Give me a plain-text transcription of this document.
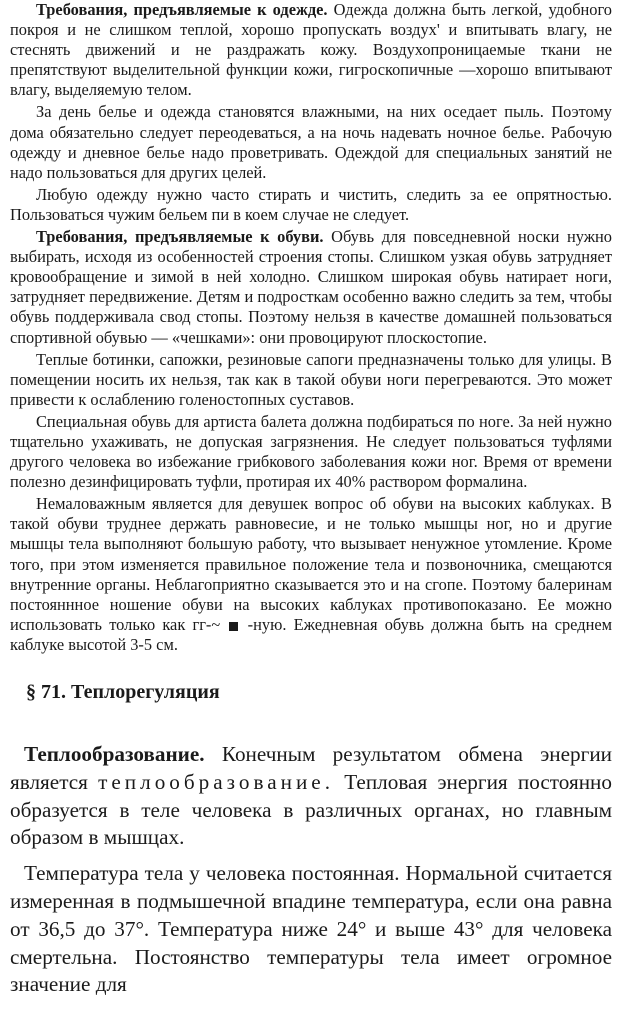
Требования, предъявляемые к одежде. Одежда должна быть легкой, удобного покроя и не слишком теплой, хорошо пропускать воздух' и впитывать влагу, не стеснять движений и не раздражать кожу. Воздухопроницаемые ткани не препятствуют выделительной функции кожи, гигроскопичные —хорошо впитывают влагу, выделяемую телом.

За день белье и одежда становятся влажными, на них оседает пыль. Поэтому дома обязательно следует переодеваться, а на ночь надевать ночное белье. Рабочую одежду и дневное белье надо проветривать. Одеждой для специальных занятий не надо пользоваться для других целей.

Любую одежду нужно часто стирать и чистить, следить за ее опрятностью. Пользоваться чужим бельем пи в коем случае не следует.

Требования, предъявляемые к обуви. Обувь для повседневной носки нужно выбирать, исходя из особенностей строения стопы. Слишком узкая обувь затрудняет кровообращение и зимой в ней холодно. Слишком широкая обувь натирает ноги, затрудняет передвижение. Детям и подросткам особенно важно следить за тем, чтобы обувь поддерживала свод стопы. Поэтому нельзя в качестве домашней пользоваться спортивной обувью — «чешками»: они провоцируют плоскостопие.

Теплые ботинки, сапожки, резиновые сапоги предназначены только для улицы. В помещении носить их нельзя, так как в такой обуви ноги перегреваются. Это может привести к ослаблению голеностопных суставов.

Специальная обувь для артиста балета должна подбираться по ноге. За ней нужно тщательно ухаживать, не допуская загрязнения. Не следует пользоваться туфлями другого человека во избежание грибкового заболевания кожи ног. Время от времени полезно дезинфицировать туфли, протирая их 40% раствором формалина.

Немаловажным является для девушек вопрос об обуви на высоких каблуках. В такой обуви труднее держать равновесие, и не только мышцы ног, но и другие мышцы тела выполняют большую работу, что вызывает ненужное утомление. Кроме того, при этом изменяется правильное положение тела и позвоночника, смещаются внутренние органы. Неблагоприятно сказывается это и на сгопе. Поэтому балеринам постояннное ношение обуви на высоких каблуках противопоказано. Ее можно использовать только как гг-~ -ную. Ежедневная обувь должна быть на среднем каблуке высотой 3-5 см.

§ 71. Теплорегуляция

Теплообразование. Конечным результатом обмена энергии является теплообразование. Тепловая энергия постоянно образуется в теле человека в различных органах, но главным образом в мышцах.

Температура тела у человека постоянная. Нормальной считается измеренная в подмышечной впадине температура, если она равна от 36,5 до 37°. Температура ниже 24° и выше 43° для человека смертельна. Постоянство температуры тела имеет огромное значение для
